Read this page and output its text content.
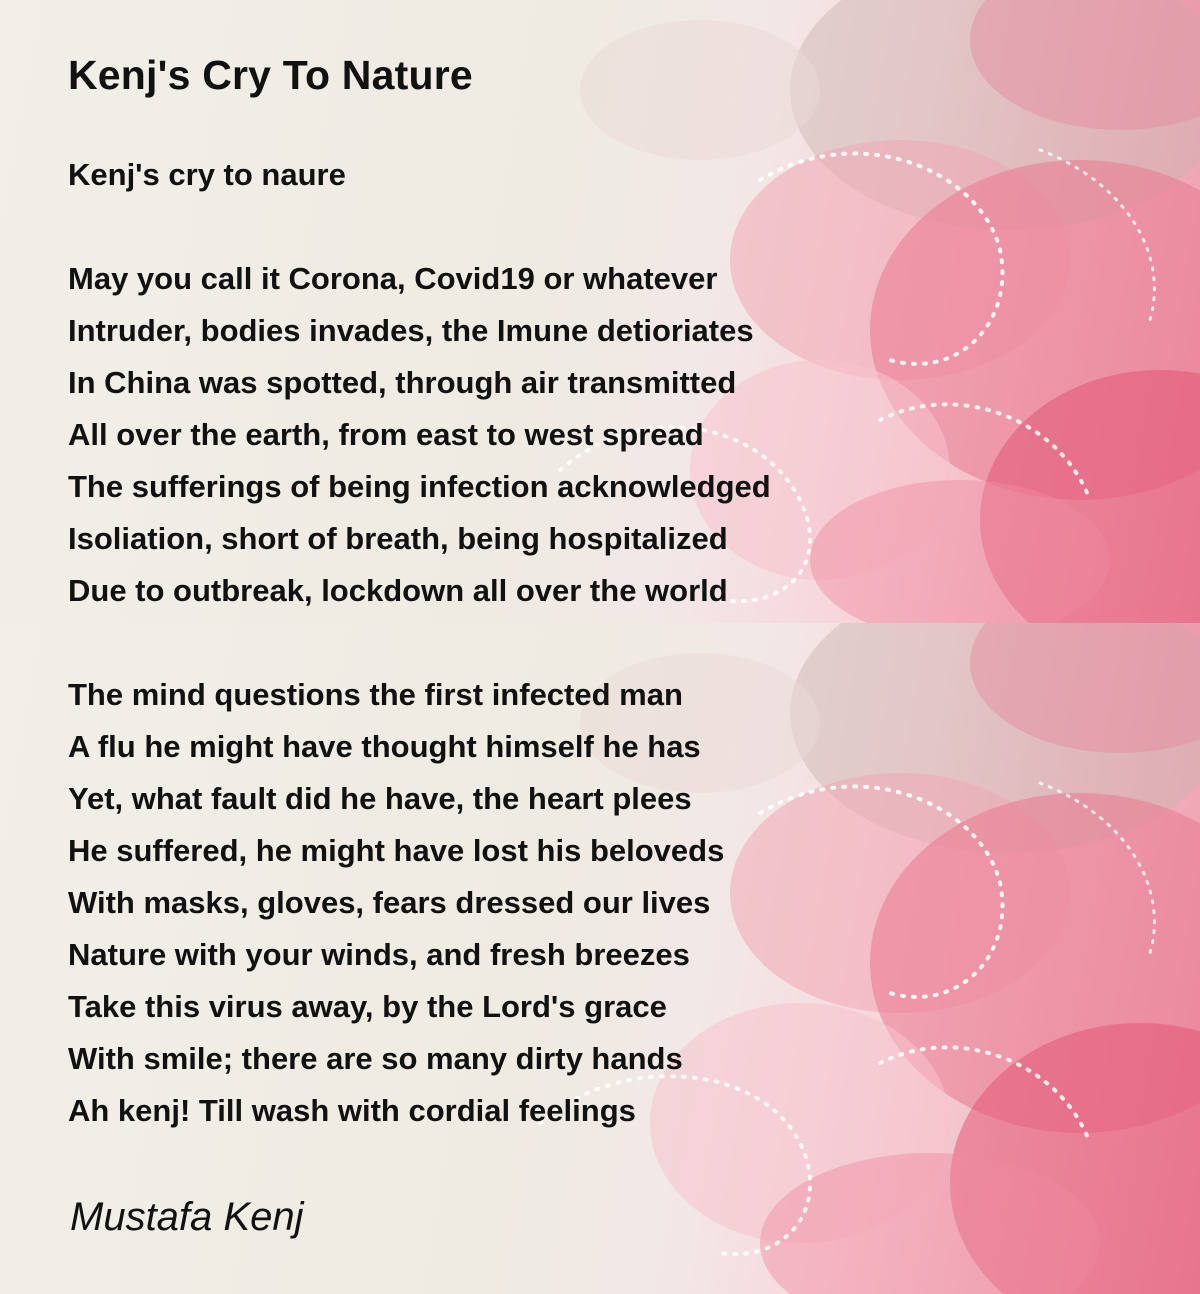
Kenj's Cry To Nature

Kenj's cry to naure

May you call it Corona, Covid19 or whatever

Intruder, bodies invades, the Imune detioriates

In China was spotted, through air transmitted

All over the earth, from east to west spread

The sufferings of being infection acknowledged

Isoliation, short of breath, being hospitalized

Due to outbreak, lockdown all over the world

The mind questions the first infected man

A flu he might have thought himself he has

Yet, what fault did he have, the heart plees

He suffered, he might have lost his beloveds

With masks, gloves, fears dressed our lives

Nature with your winds, and fresh breezes

Take this virus away, by the Lord's grace

With smile; there are so many dirty hands

Ah kenj! Till wash with cordial feelings

Mustafa Kenj
